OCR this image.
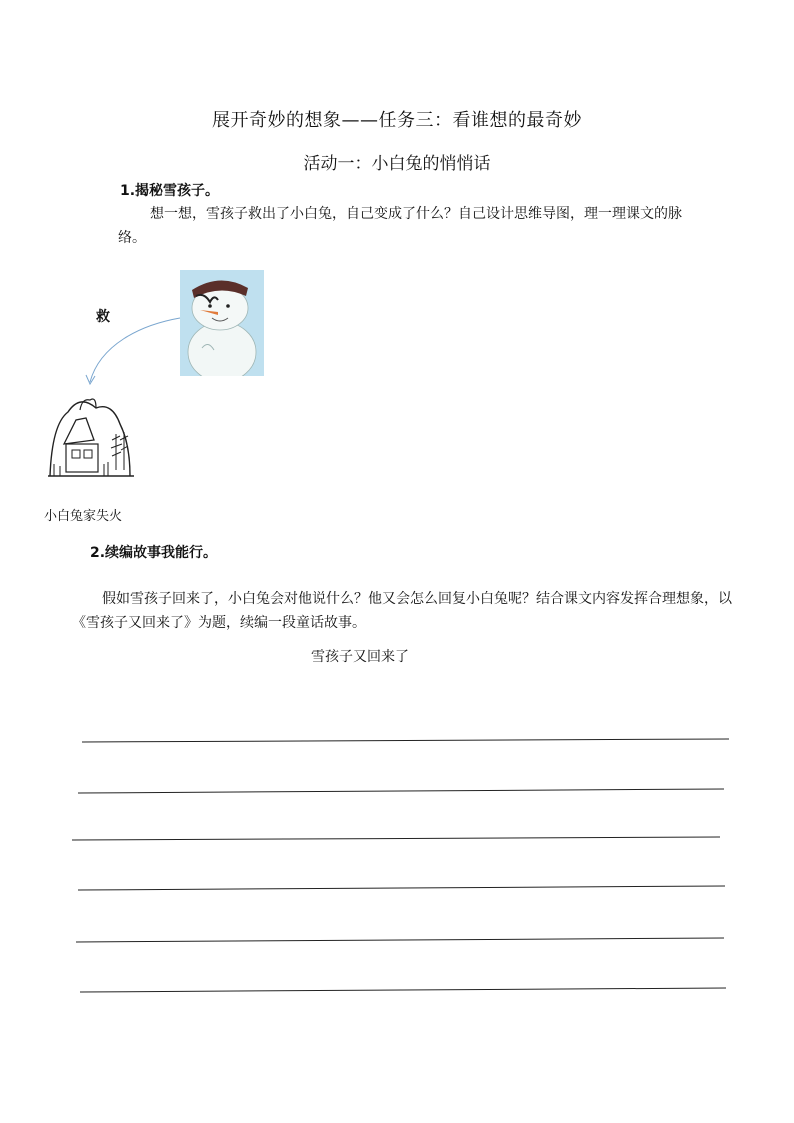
展开奇妙的想象——任务三：看谁想的最奇妙
活动一：小白兔的悄悄话
1.揭秘雪孩子。
想一想，雪孩子救出了小白兔，自己变成了什么？自己设计思维导图，理一理课文的脉络。
救
小白兔家失火
2.续编故事我能行。
假如雪孩子回来了，小白兔会对他说什么？他又会怎么回复小白兔呢？结合课文内容发挥合理想象，以《雪孩子又回来了》为题，续编一段童话故事。
雪孩子又回来了
